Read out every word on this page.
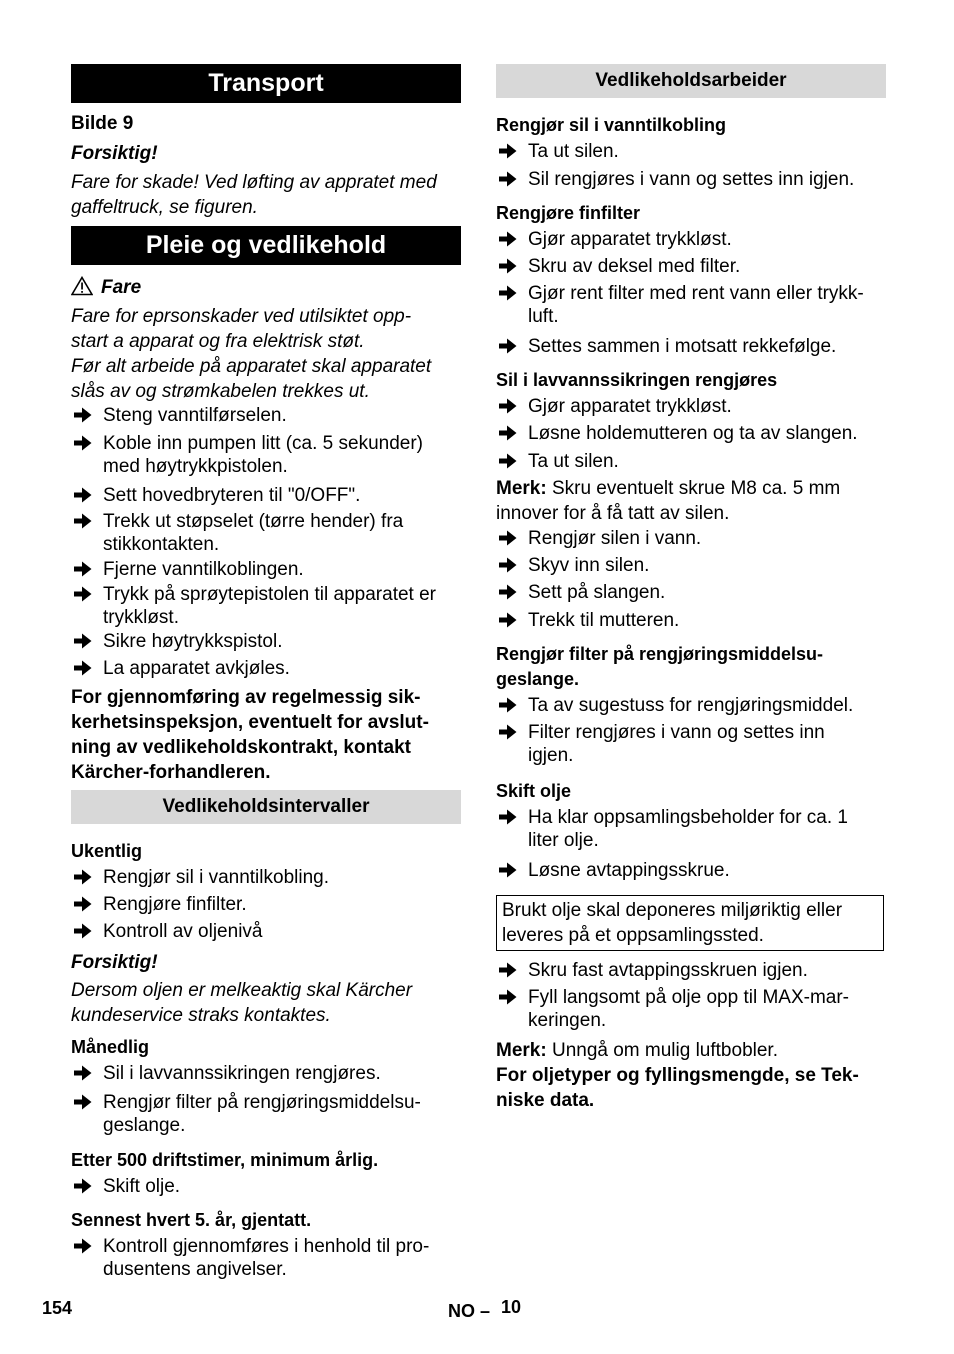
Transport
Bilde 9
Forsiktig!
Fare for skade! Ved løfting av appratet med
gaffeltruck, se figuren.
Pleie og vedlikehold
Fare
Fare for eprsonskader ved utilsiktet opp-
start a apparat og fra elektrisk støt.
Før alt arbeide på apparatet skal apparatet
slås av og strømkabelen trekkes ut.
Steng vanntilførselen.
Koble inn pumpen litt (ca. 5 sekunder)
med høytrykkpistolen.
Sett hovedbryteren til "0/OFF".
Trekk ut støpselet (tørre hender) fra
stikkontakten.
Fjerne vanntilkoblingen.
Trykk på sprøytepistolen til apparatet er
trykkløst.
Sikre høytrykkspistol.
La apparatet avkjøles.
For gjennomføring av regelmessig sik-
kerhetsinspeksjon, eventuelt for avslut-
ning av vedlikeholdskontrakt, kontakt
Kärcher-forhandleren.
Vedlikeholdsintervaller
Ukentlig
Rengjør sil i vanntilkobling.
Rengjøre finfilter.
Kontroll av oljenivå
Forsiktig!
Dersom oljen er melkeaktig skal Kärcher
kundeservice straks kontaktes.
Månedlig
Sil i lavvannssikringen rengjøres.
Rengjør filter på rengjøringsmiddelsu-
geslange.
Etter 500 driftstimer, minimum årlig.
Skift olje.
Sennest hvert 5. år, gjentatt.
Kontroll gjennomføres i henhold til pro-
dusentens angivelser.
Vedlikeholdsarbeider
Rengjør sil i vanntilkobling
Ta ut silen.
Sil rengjøres i vann og settes inn igjen.
Rengjøre finfilter
Gjør apparatet trykkløst.
Skru av deksel med filter.
Gjør rent filter med rent vann eller trykk-
luft.
Settes sammen i motsatt rekkefølge.
Sil i lavvannssikringen rengjøres
Gjør apparatet trykkløst.
Løsne holdemutteren og ta av slangen.
Ta ut silen.
Merk: Skru eventuelt skrue M8 ca. 5 mm
innover for å få tatt av silen.
Rengjør silen i vann.
Skyv inn silen.
Sett på slangen.
Trekk til mutteren.
Rengjør filter på rengjøringsmiddelsu-
geslange.
Ta av sugestuss for rengjøringsmiddel.
Filter rengjøres i vann og settes inn
igjen.
Skift olje
Ha klar oppsamlingsbeholder for ca. 1
liter olje.
Løsne avtappingsskrue.
Brukt olje skal deponeres miljøriktig eller
leveres på et oppsamlingssted.
Skru fast avtappingsskruen igjen.
Fyll langsomt på olje opp til MAX-mar-
keringen.
Merk: Unngå om mulig luftbobler.
For oljetyper og fyllingsmengde, se Tek-
niske data.
154	NO – 10
